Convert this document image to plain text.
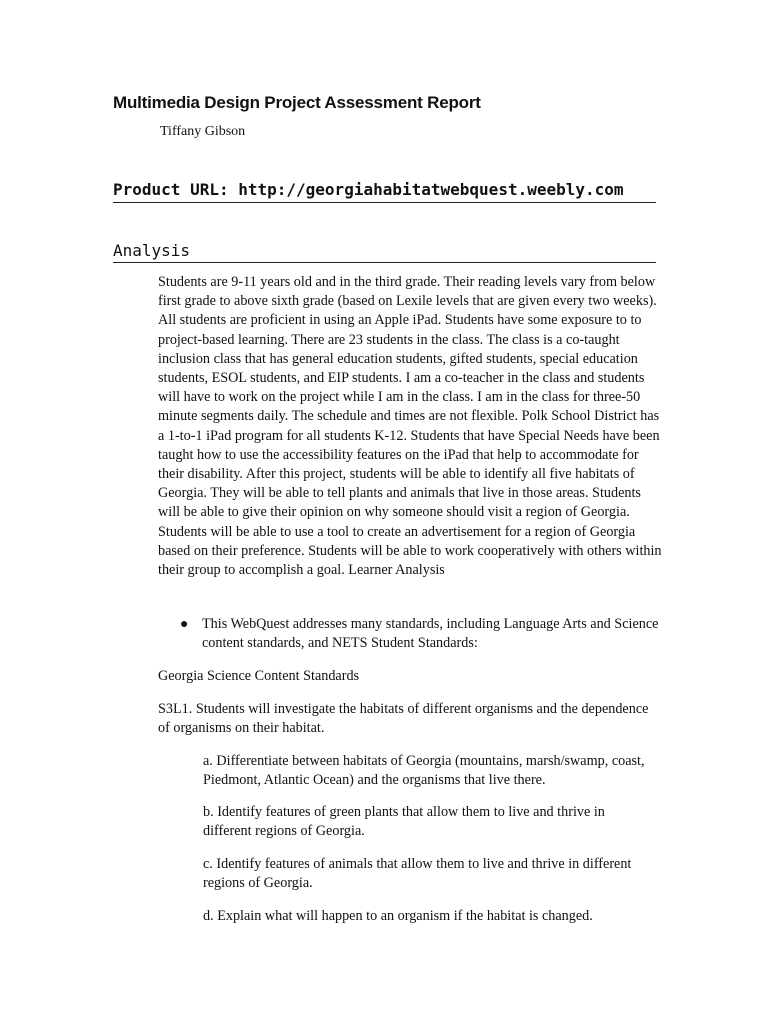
Multimedia Design Project Assessment Report
Tiffany Gibson
Product URL: http://georgiahabitatwebquest.weebly.com
Analysis

Students are 9-11 years old and in the third grade. Their reading levels vary from below first grade to above sixth grade (based on Lexile levels that are given every two weeks). All students are proficient in using an Apple iPad. Students have some exposure to to project-based learning. There are 23 students in the class. The class is a co-taught inclusion class that has general education students, gifted students, special education students, ESOL students, and EIP students. I am a co-teacher in the class and students will have to work on the project while I am in the class. I am in the class for three-50 minute segments daily. The schedule and times are not flexible. Polk School District has a 1-to-1 iPad program for all students K-12. Students that have Special Needs have been taught how to use the accessibility features on the iPad that help to accommodate for their disability. After this project, students will be able to identify all five habitats of Georgia. They will be able to tell plants and animals that live in those areas. Students will be able to give their opinion on why someone should visit a region of Georgia. Students will be able to use a tool to create an advertisement for a region of Georgia based on their preference. Students will be able to work cooperatively with others within their group to accomplish a goal. Learner Analysis

● This WebQuest addresses many standards, including Language Arts and Science content standards, and NETS Student Standards:

Georgia Science Content Standards

S3L1. Students will investigate the habitats of different organisms and the dependence of organisms on their habitat.

a. Differentiate between habitats of Georgia (mountains, marsh/swamp, coast, Piedmont, Atlantic Ocean) and the organisms that live there.

b. Identify features of green plants that allow them to live and thrive in different regions of Georgia.

c. Identify features of animals that allow them to live and thrive in different regions of Georgia.

d. Explain what will happen to an organism if the habitat is changed.
